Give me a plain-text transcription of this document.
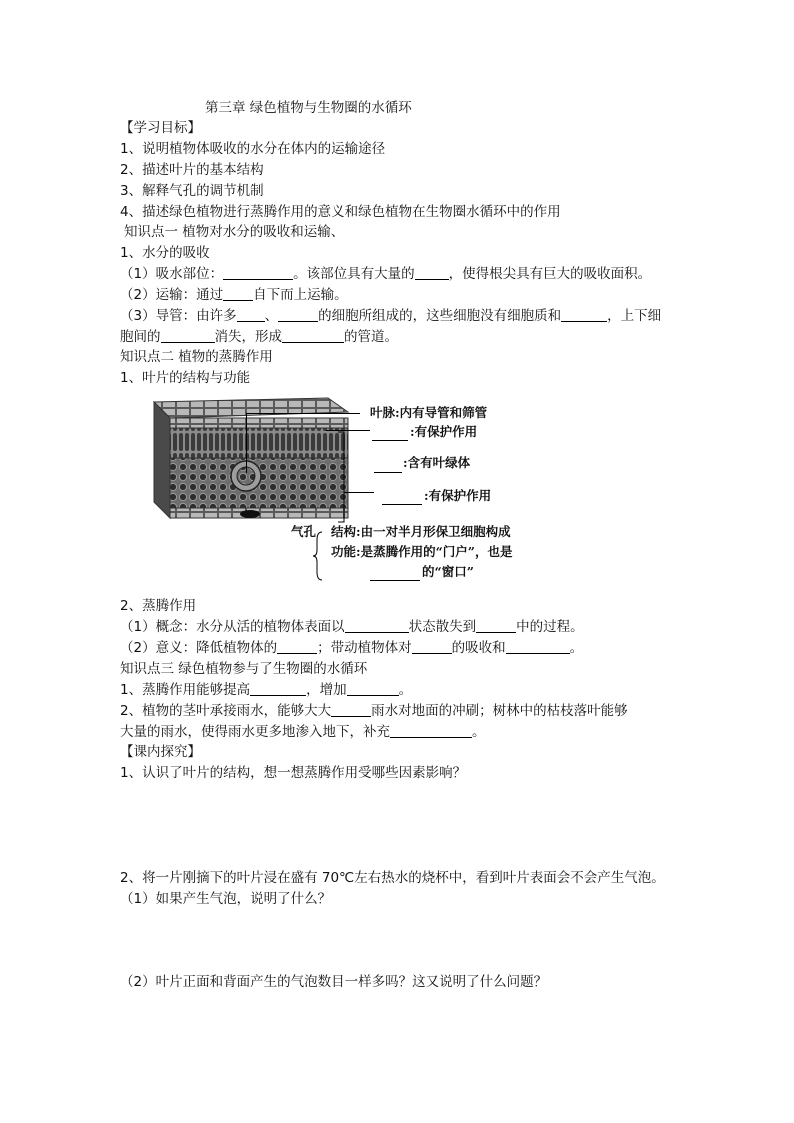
第三章 绿色植物与生物圈的水循环
【学习目标】
1、说明植物体吸收的水分在体内的运输途径
2、描述叶片的基本结构
3、解释气孔的调节机制
4、描述绿色植物进行蒸腾作用的意义和绿色植物在生物圈水循环中的作用
知识点一 植物对水分的吸收和运输、
1、水分的吸收
（1）吸水部位：	。该部位具有大量的	，使得根尖具有巨大的吸收面积。
（2）运输：通过 自下而上运输。
（3）导管：由许多 、	的细胞所组成的，这些细胞没有细胞质和	，上下细
胞间的	消失，形成	的管道。
知识点二 植物的蒸腾作用
1、叶片的结构与功能
叶脉:内有导管和筛管
:有保护作用
:含有叶绿体
:有保护作用
气孔 结构:由一对半月形保卫细胞构成
功能:是蒸腾作用的“门户”，也是
的“窗口”
2、蒸腾作用
（1）概念：水分从活的植物体表面以	状态散失到	中的过程。
（2）意义：降低植物体的	；带动植物体对	的吸收和	。
知识点三 绿色植物参与了生物圈的水循环
1、蒸腾作用能够提高	，增加	。
2、植物的茎叶承接雨水，能够大大	雨水对地面的冲刷；树林中的枯枝落叶能够
大量的雨水，使得雨水更多地渗入地下，补充	。
【课内探究】
1、认识了叶片的结构，想一想蒸腾作用受哪些因素影响？
2、将一片刚摘下的叶片浸在盛有 70℃左右热水的烧杯中，看到叶片表面会不会产生气泡。
（1）如果产生气泡，说明了什么？
（2）叶片正面和背面产生的气泡数目一样多吗？这又说明了什么问题？
